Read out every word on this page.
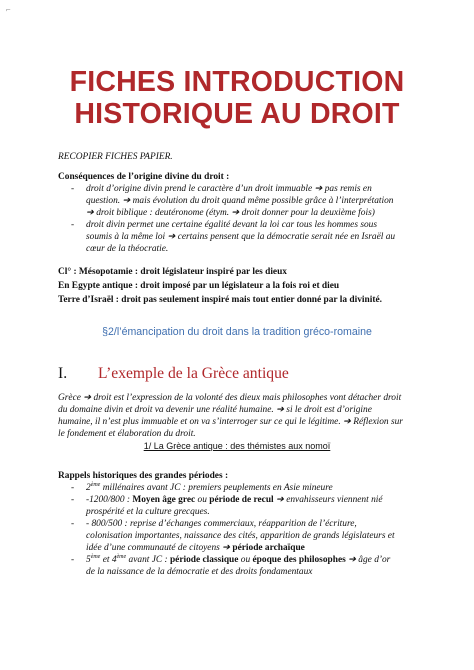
⌐
FICHES INTRODUCTION
HISTORIQUE AU DROIT
RECOPIER FICHES PAPIER.
Conséquences de l’origine divine du droit :
- droit d’origine divin prend le caractère d’un droit immuable ➔ pas remis en
question. ➔ mais évolution du droit quand même possible grâce à l’interprétation
➔ droit biblique : deutéronome (étym. ➔ droit donner pour la deuxième fois)
- droit divin permet une certaine égalité devant la loi car tous les hommes sous
soumis à la même loi ➔ certains pensent que la démocratie serait née en Israël au
cœur de la théocratie.
Cl° : Mésopotamie : droit législateur inspiré par les dieux
En Egypte antique : droit imposé par un législateur a la fois roi et dieu
Terre d’Israël : droit pas seulement inspiré mais tout entier donné par la divinité.
§2/l’émancipation du droit dans la tradition gréco-romaine
I. L’exemple de la Grèce antique
Grèce ➔ droit est l’expression de la volonté des dieux mais philosophes vont détacher droit
du domaine divin et droit va devenir une réalité humaine. ➔ si le droit est d’origine
humaine, il n’est plus immuable et on va s’interroger sur ce qui le légitime. ➔ Réflexion sur
le fondement et élaboration du droit.
1/ La Grèce antique : des thémistes aux nomoï
Rappels historiques des grandes périodes :
- 2ème millénaires avant JC : premiers peuplements en Asie mineure
- -1200/800 : Moyen âge grec ou période de recul ➔ envahisseurs viennent nié
prospérité et la culture grecques.
- - 800/500 : reprise d’échanges commerciaux, réapparition de l’écriture,
colonisation importantes, naissance des cités, apparition de grands législateurs et
idée d’une communauté de citoyens ➔ période archaïque
- 5ème et 4ème avant JC : période classique ou époque des philosophes ➔ âge d’or
de la naissance de la démocratie et des droits fondamentaux
